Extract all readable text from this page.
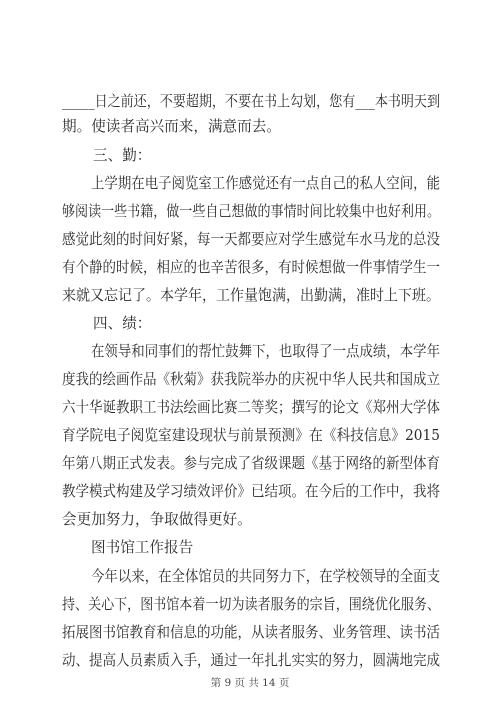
_____日之前还，不要超期，不要在书上勾划，您有___本书明天到
期。使读者高兴而来，满意而去。
三、勤：
上学期在电子阅览室工作感觉还有一点自己的私人空间，能
够阅读一些书籍，做一些自己想做的事情时间比较集中也好利用。
感觉此刻的时间好紧，每一天都要应对学生感觉车水马龙的总没
有个静的时候，相应的也辛苦很多，有时候想做一件事情学生一
来就又忘记了。本学年，工作量饱满，出勤满，准时上下班。
四、绩：
在领导和同事们的帮忙鼓舞下，也取得了一点成绩，本学年
度我的绘画作品《秋菊》获我院举办的庆祝中华人民共和国成立
六十华诞教职工书法绘画比赛二等奖；撰写的论文《郑州大学体
育学院电子阅览室建设现状与前景预测》在《科技信息》2015
年第八期正式发表。参与完成了省级课题《基于网络的新型体育
教学模式构建及学习绩效评价》已结项。在今后的工作中，我将
会更加努力，争取做得更好。
图书馆工作报告
今年以来，在全体馆员的共同努力下，在学校领导的全面支
持、关心下，图书馆本着一切为读者服务的宗旨，围绕优化服务、
拓展图书馆教育和信息的功能，从读者服务、业务管理、读书活
动、提高人员素质入手，通过一年扎扎实实的努力，圆满地完成
第 9 页 共 14 页
